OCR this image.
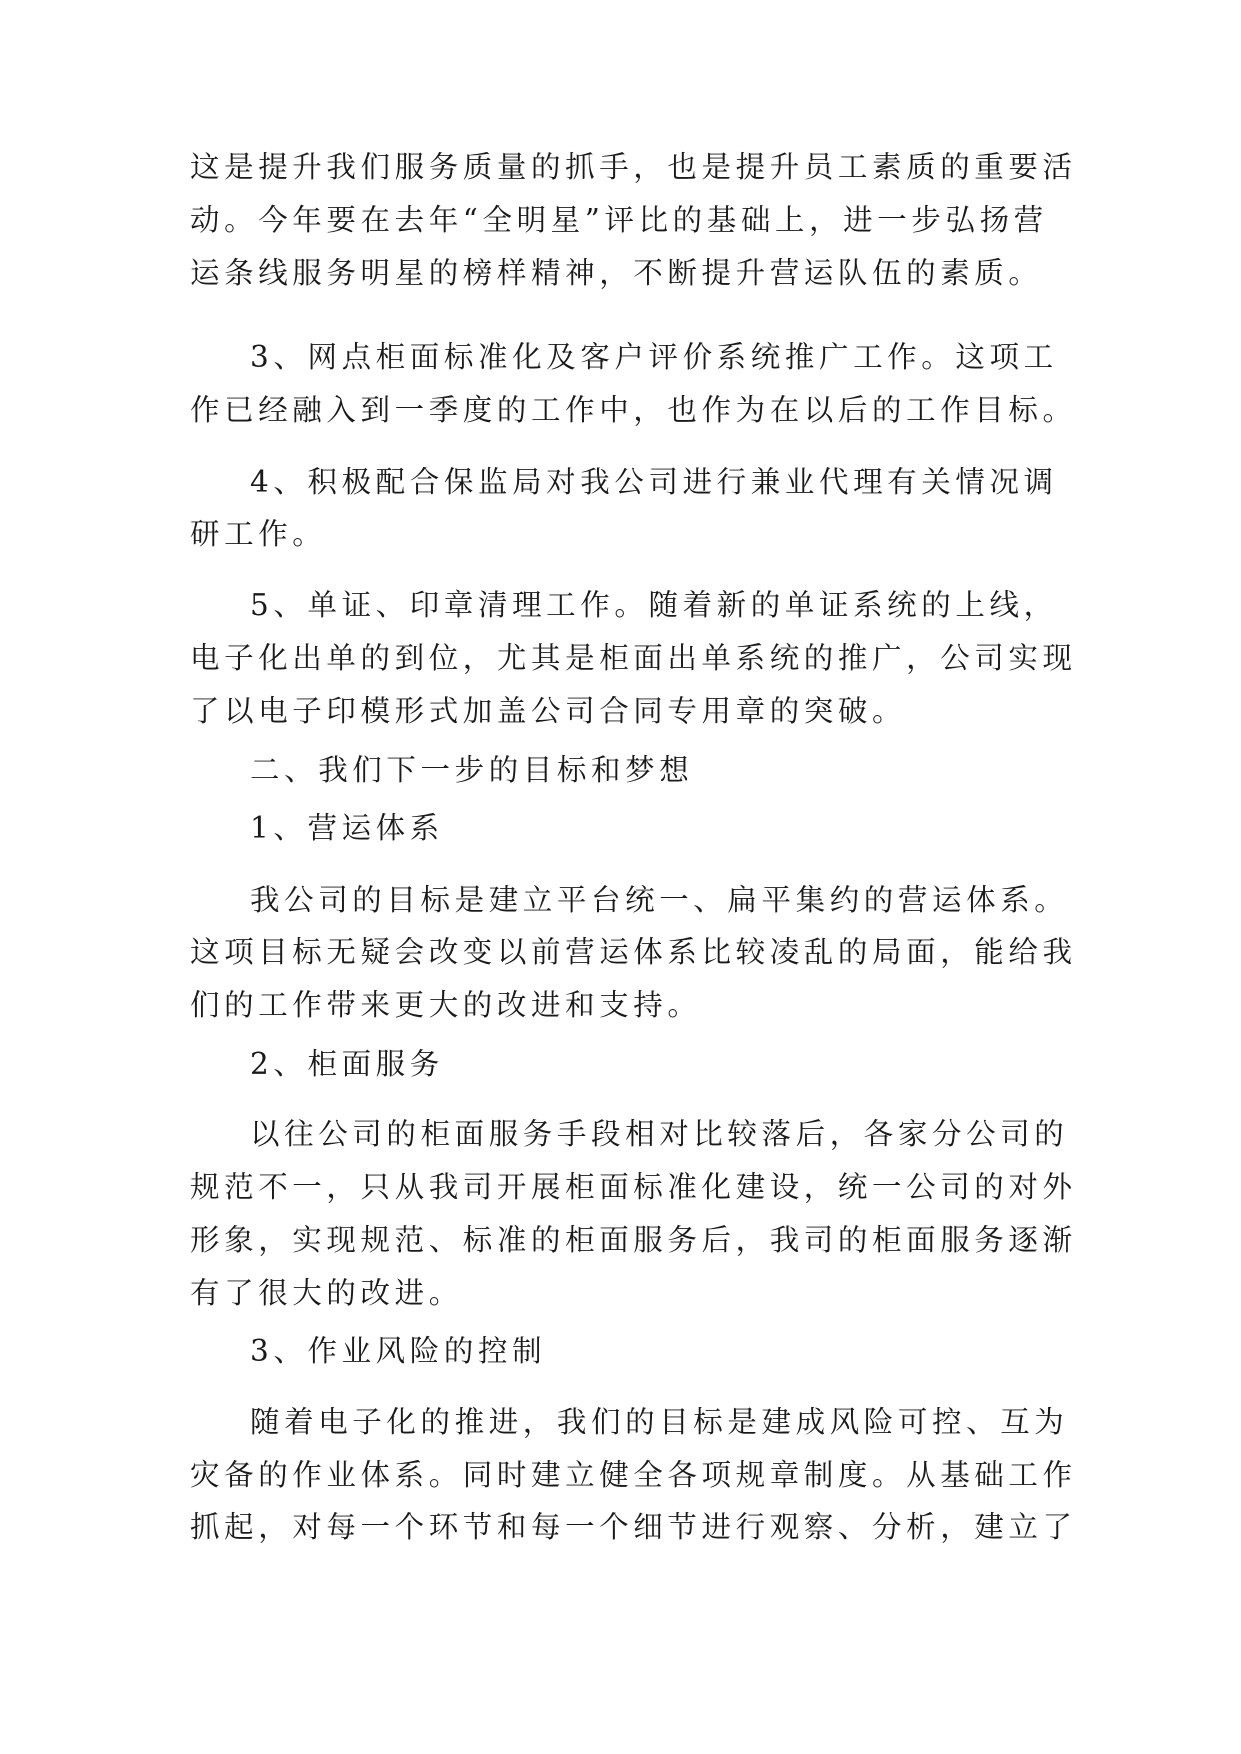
这是提升我们服务质量的抓手，也是提升员工素质的重要活

动。今年要在去年“全明星”评比的基础上，进一步弘扬营

运条线服务明星的榜样精神，不断提升营运队伍的素质。

3、网点柜面标准化及客户评价系统推广工作。这项工

作已经融入到一季度的工作中，也作为在以后的工作目标。

4、积极配合保监局对我公司进行兼业代理有关情况调

研工作。

5、单证、印章清理工作。随着新的单证系统的上线，

电子化出单的到位，尤其是柜面出单系统的推广，公司实现

了以电子印模形式加盖公司合同专用章的突破。

二、我们下一步的目标和梦想

1、营运体系

我公司的目标是建立平台统一、扁平集约的营运体系。

这项目标无疑会改变以前营运体系比较凌乱的局面，能给我

们的工作带来更大的改进和支持。

2、柜面服务

以往公司的柜面服务手段相对比较落后，各家分公司的

规范不一，只从我司开展柜面标准化建设，统一公司的对外

形象，实现规范、标准的柜面服务后，我司的柜面服务逐渐

有了很大的改进。

3、作业风险的控制

随着电子化的推进，我们的目标是建成风险可控、互为

灾备的作业体系。同时建立健全各项规章制度。从基础工作

抓起，对每一个环节和每一个细节进行观察、分析，建立了
